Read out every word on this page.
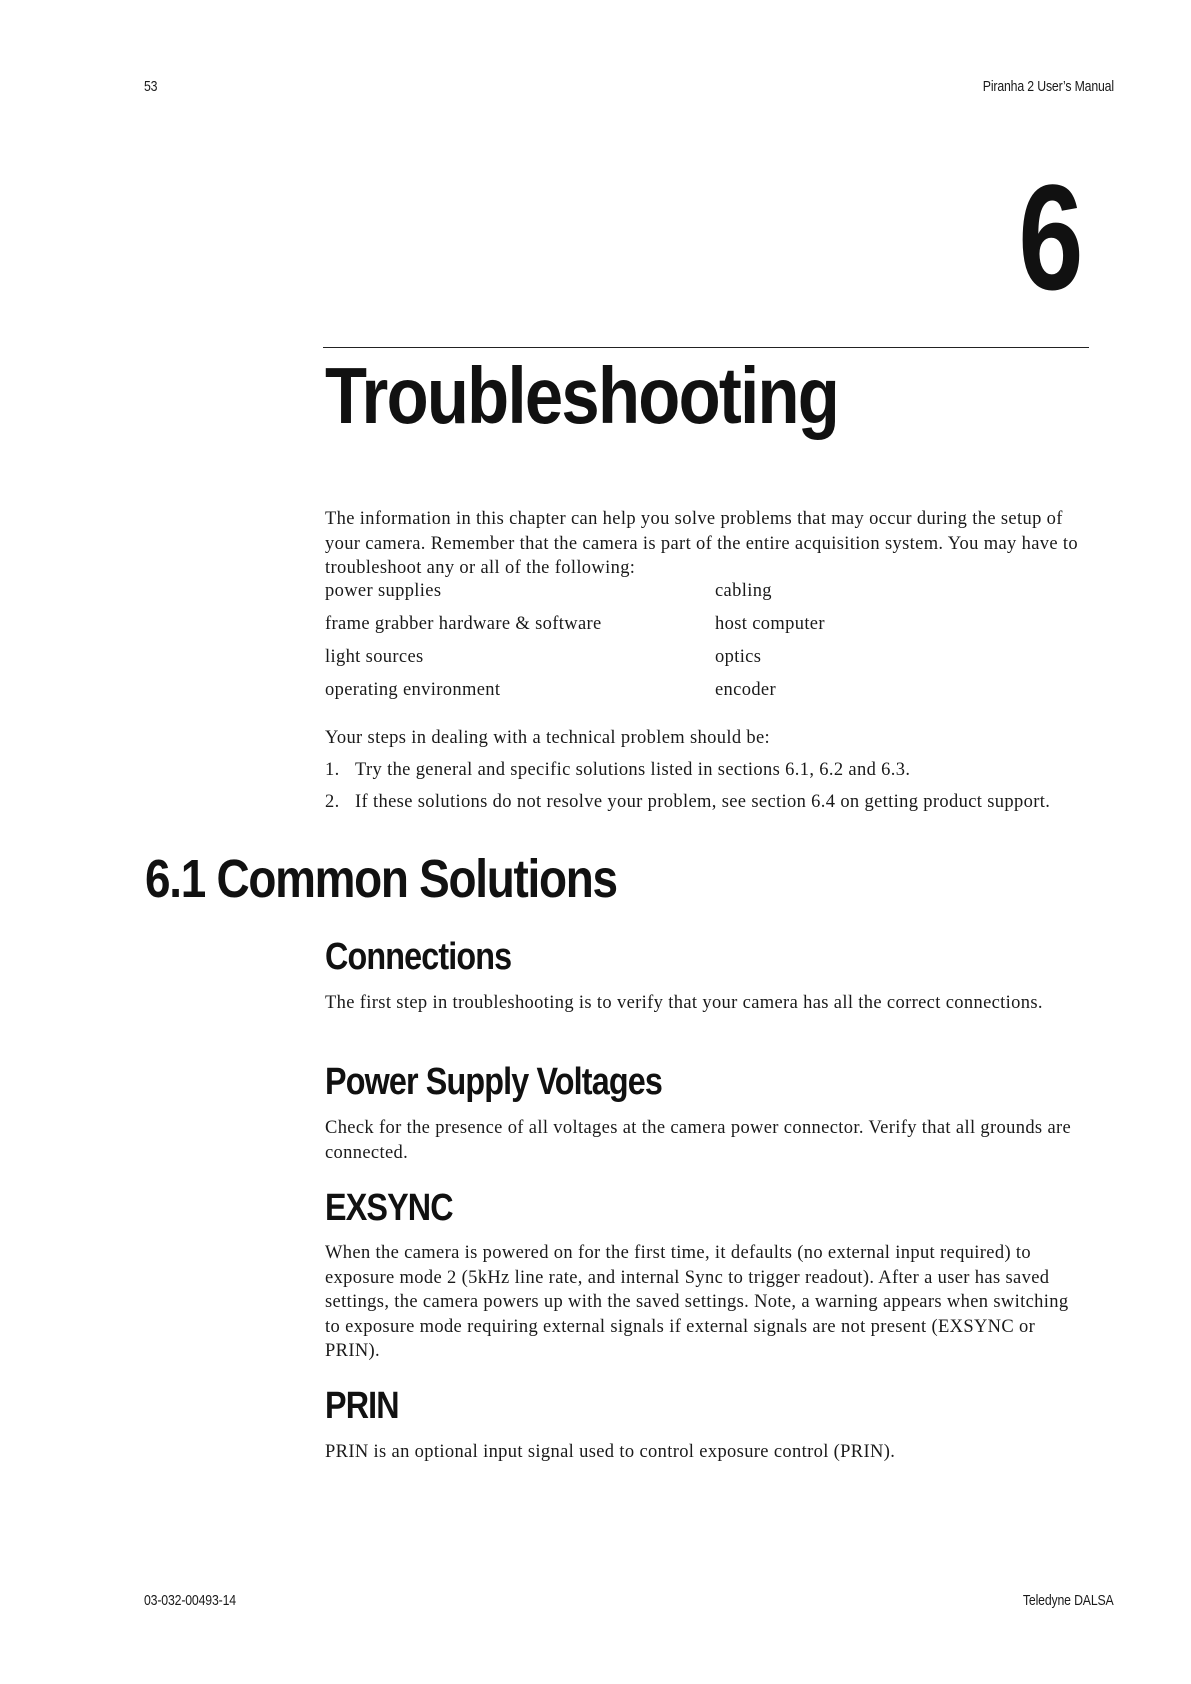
53	Piranha 2 User’s Manual
6
Troubleshooting
The information in this chapter can help you solve problems that may occur during the setup of your camera. Remember that the camera is part of the entire acquisition system. You may have to troubleshoot any or all of the following:
power supplies	cabling
frame grabber hardware & software	host computer
light sources	optics
operating environment	encoder
Your steps in dealing with a technical problem should be:
1. Try the general and specific solutions listed in sections 6.1, 6.2 and 6.3.
2. If these solutions do not resolve your problem, see section 6.4 on getting product support.
6.1 Common Solutions
Connections
The first step in troubleshooting is to verify that your camera has all the correct connections.
Power Supply Voltages
Check for the presence of all voltages at the camera power connector. Verify that all grounds are connected.
EXSYNC
When the camera is powered on for the first time, it defaults (no external input required) to exposure mode 2 (5kHz line rate, and internal Sync to trigger readout). After a user has saved settings, the camera powers up with the saved settings. Note, a warning appears when switching to exposure mode requiring external signals if external signals are not present (EXSYNC or PRIN).
PRIN
PRIN is an optional input signal used to control exposure control (PRIN).
03-032-00493-14	Teledyne DALSA
